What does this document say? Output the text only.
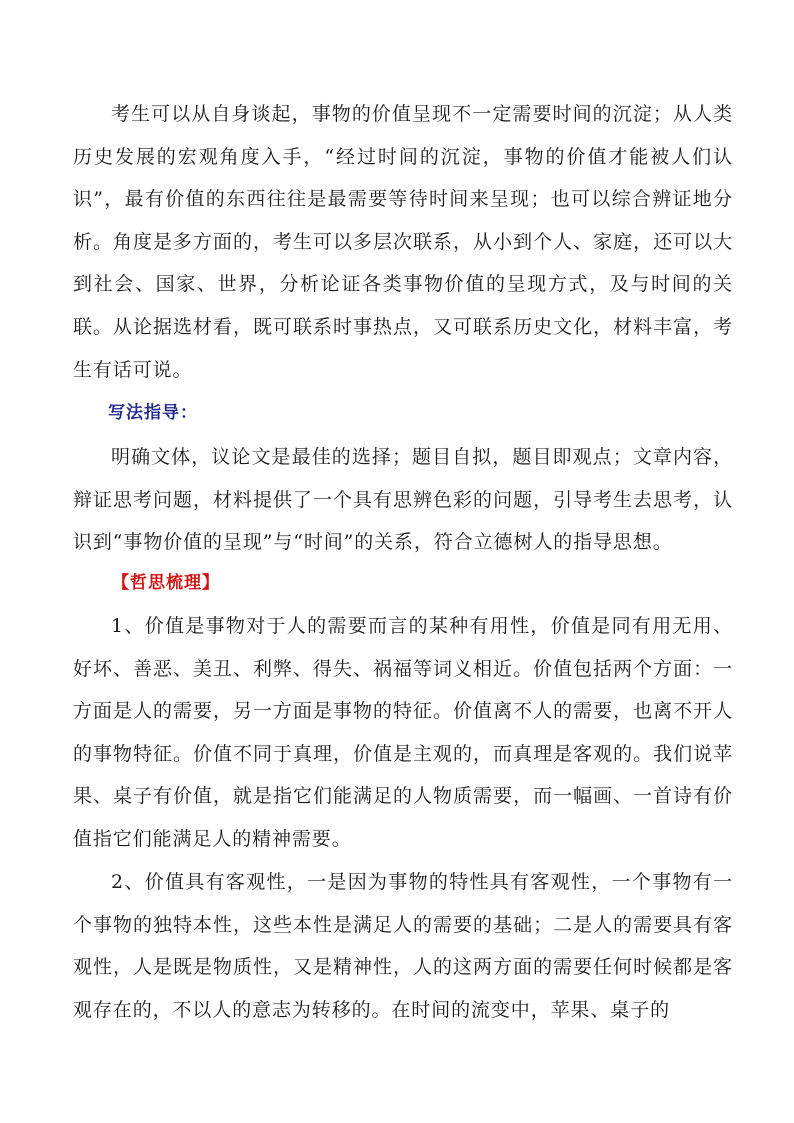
考生可以从自身谈起，事物的价值呈现不一定需要时间的沉淀；从人类历史发展的宏观角度入手，“经过时间的沉淀，事物的价值才能被人们认识”，最有价值的东西往往是最需要等待时间来呈现；也可以综合辨证地分析。角度是多方面的，考生可以多层次联系，从小到个人、家庭，还可以大到社会、国家、世界，分析论证各类事物价值的呈现方式，及与时间的关联。从论据选材看，既可联系时事热点，又可联系历史文化，材料丰富，考生有话可说。

写法指导：

明确文体，议论文是最佳的选择；题目自拟，题目即观点；文章内容，辩证思考问题，材料提供了一个具有思辨色彩的问题，引导考生去思考，认识到“事物价值的呈现”与“时间”的关系，符合立德树人的指导思想。

【哲思梳理】

1、价值是事物对于人的需要而言的某种有用性，价值是同有用无用、好坏、善恶、美丑、利弊、得失、祸福等词义相近。价值包括两个方面：一方面是人的需要，另一方面是事物的特征。价值离不人的需要，也离不开人的事物特征。价值不同于真理，价值是主观的，而真理是客观的。我们说苹果、桌子有价值，就是指它们能满足的人物质需要，而一幅画、一首诗有价值指它们能满足人的精神需要。

2、价值具有客观性，一是因为事物的特性具有客观性，一个事物有一个事物的独特本性，这些本性是满足人的需要的基础；二是人的需要具有客观性，人是既是物质性，又是精神性，人的这两方面的需要任何时候都是客观存在的，不以人的意志为转移的。在时间的流变中，苹果、桌子的
